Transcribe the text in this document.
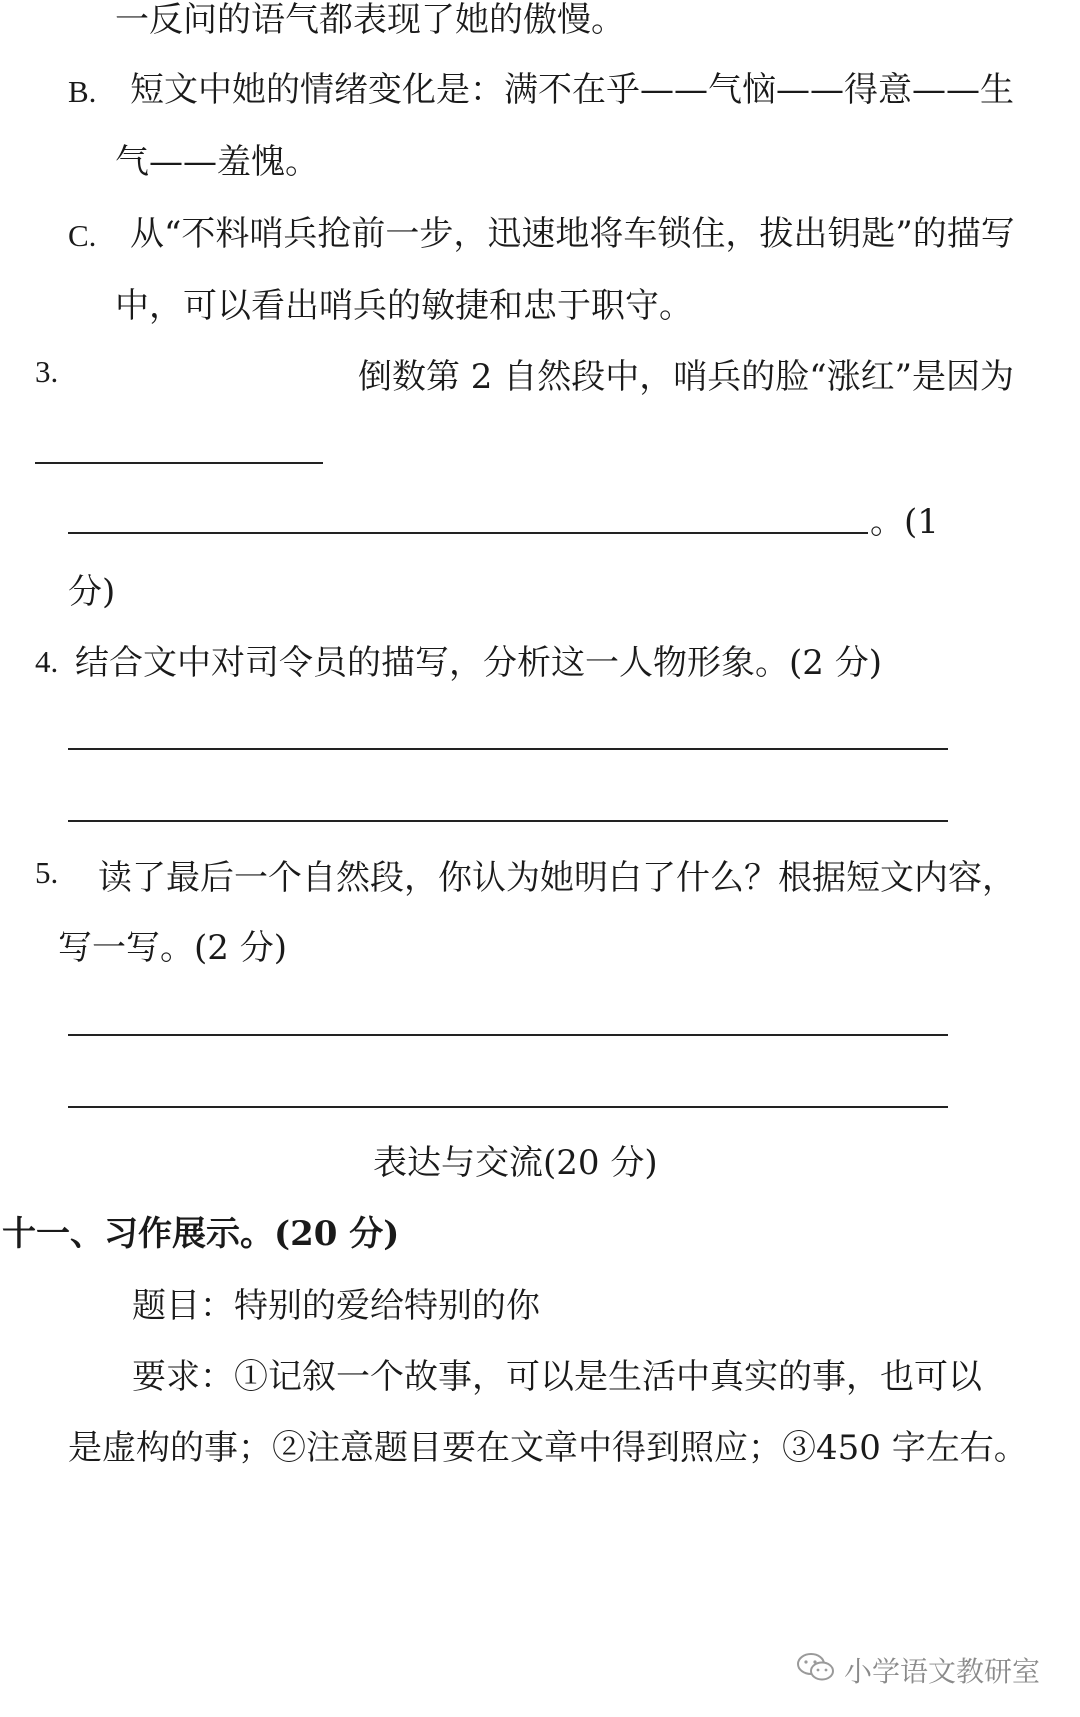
一反问的语气都表现了她的傲慢。
B. 短文中她的情绪变化是：满不在乎——气恼——得意——生
气——羞愧。
C. 从“不料哨兵抢前一步，迅速地将车锁住，拔出钥匙”的描写
中，可以看出哨兵的敏捷和忠于职守。
3.	倒数第 2 自然段中，哨兵的脸“涨红”是因为
。(1
分)
4. 结合文中对司令员的描写，分析这一人物形象。(2 分)
5. 读了最后一个自然段，你认为她明白了什么？根据短文内容，
写一写。(2 分)
表达与交流(20 分)
十一、习作展示。(20 分)
题目：特别的爱给特别的你
要求：①记叙一个故事，可以是生活中真实的事，也可以
是虚构的事；②注意题目要在文章中得到照应；③450 字左右。
小学语文教研室
